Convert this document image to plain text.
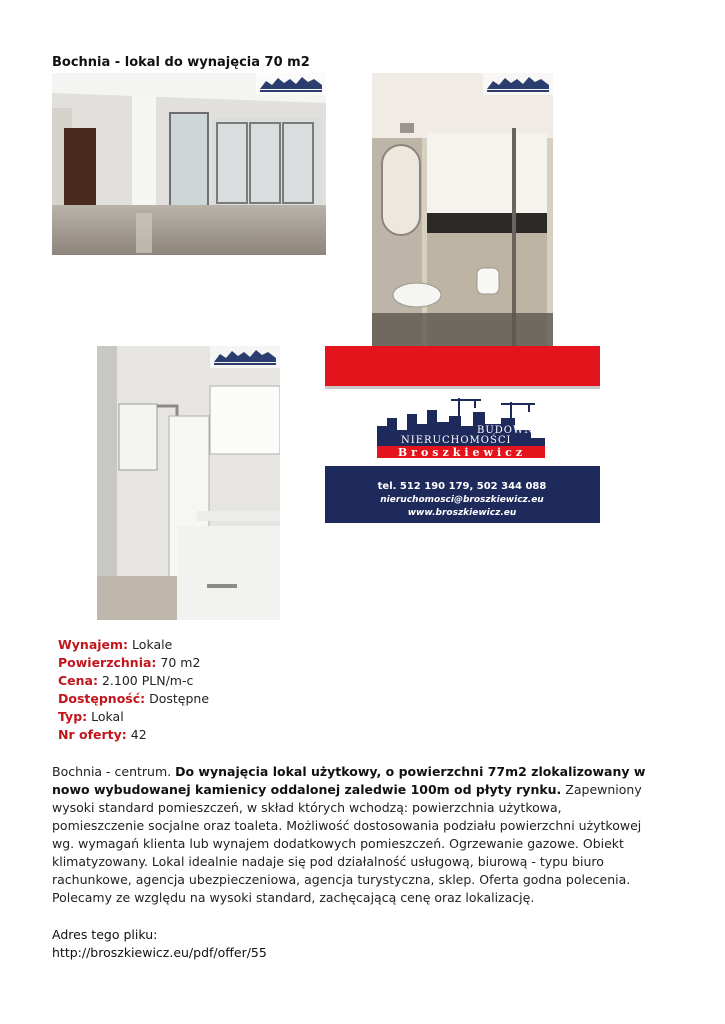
Bochnia - lokal do wynajęcia 70 m2
BUDOWNICTWO
NIERUCHOMOŚCI
Broszkiewicz
tel. 512 190 179, 502 344 088
nieruchomosci@broszkiewicz.eu
www.broszkiewicz.eu
Wynajem: Lokale
Powierzchnia: 70 m2
Cena: 2.100 PLN/m-c
Dostępność: Dostępne
Typ: Lokal
Nr oferty: 42
Bochnia - centrum. Do wynajęcia lokal użytkowy, o powierzchni 77m2 zlokalizowany w nowo wybudowanej kamienicy oddalonej zaledwie 100m od płyty rynku. Zapewniony wysoki standard pomieszczeń, w skład których wchodzą: powierzchnia użytkowa, pomieszczenie socjalne oraz toaleta. Możliwość dostosowania podziału powierzchni użytkowej wg. wymagań klienta lub wynajem dodatkowych pomieszczeń. Ogrzewanie gazowe. Obiekt klimatyzowany. Lokal idealnie nadaje się pod działalność usługową, biurową - typu biuro rachunkowe, agencja ubezpieczeniowa, agencja turystyczna, sklep. Oferta godna polecenia. Polecamy ze względu na wysoki standard, zachęcającą cenę oraz lokalizację.
Adres tego pliku:
http://broszkiewicz.eu/pdf/offer/55
